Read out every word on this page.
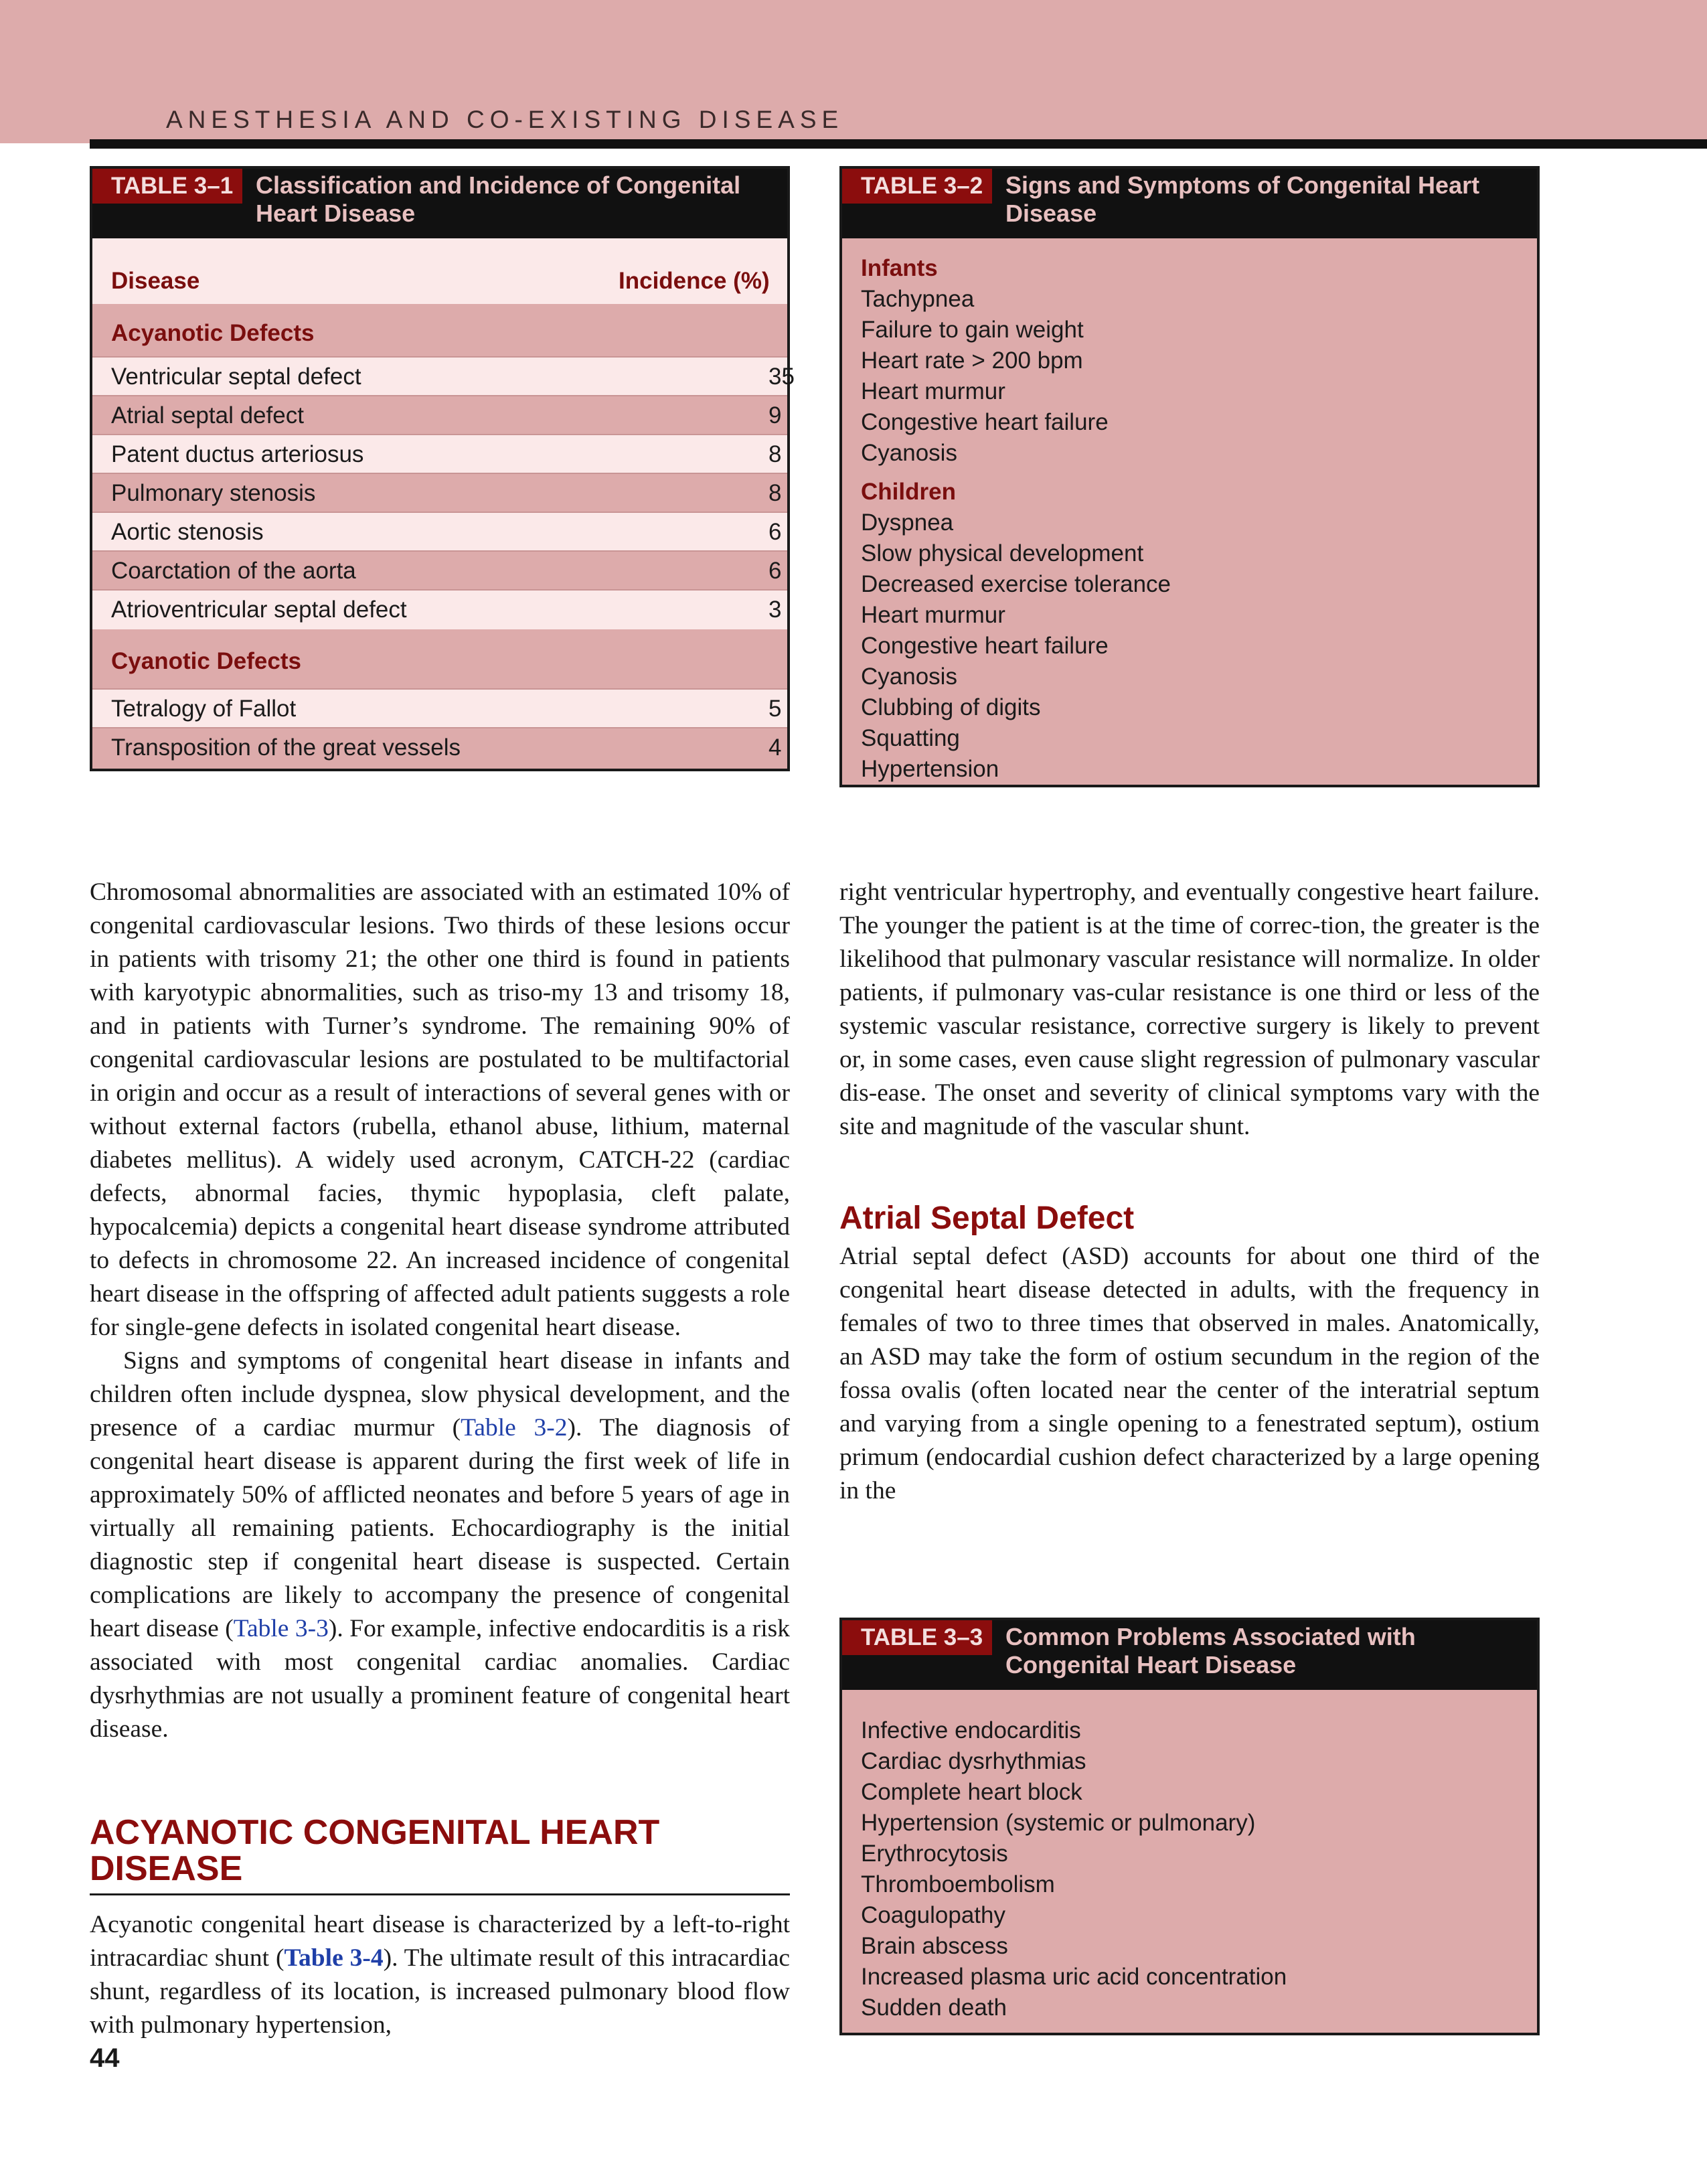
ANESTHESIA AND CO-EXISTING DISEASE
TABLE 3–1 Classification and Incidence of Congenital Heart Disease
Disease	Incidence (%)
Acyanotic Defects
Ventricular septal defect	35
Atrial septal defect	9
Patent ductus arteriosus	8
Pulmonary stenosis	8
Aortic stenosis	6
Coarctation of the aorta	6
Atrioventricular septal defect	3
Cyanotic Defects
Tetralogy of Fallot	5
Transposition of the great vessels	4
TABLE 3–2 Signs and Symptoms of Congenital Heart Disease
Infants
Tachypnea
Failure to gain weight
Heart rate > 200 bpm
Heart murmur
Congestive heart failure
Cyanosis
Children
Dyspnea
Slow physical development
Decreased exercise tolerance
Heart murmur
Congestive heart failure
Cyanosis
Clubbing of digits
Squatting
Hypertension
TABLE 3–3 Common Problems Associated with Congenital Heart Disease
Infective endocarditis
Cardiac dysrhythmias
Complete heart block
Hypertension (systemic or pulmonary)
Erythrocytosis
Thromboembolism
Coagulopathy
Brain abscess
Increased plasma uric acid concentration
Sudden death

Chromosomal abnormalities are associated with an estimated 10% of congenital cardiovascular lesions. Two thirds of these lesions occur in patients with trisomy 21; the other one third is found in patients with karyotypic abnormalities, such as triso-my 13 and trisomy 18, and in patients with Turner’s syndrome. The remaining 90% of congenital cardiovascular lesions are postulated to be multifactorial in origin and occur as a result of interactions of several genes with or without external factors (rubella, ethanol abuse, lithium, maternal diabetes mellitus). A widely used acronym, CATCH-22 (cardiac defects, abnormal facies, thymic hypoplasia, cleft palate, hypocalcemia) depicts a congenital heart disease syndrome attributed to defects in chromosome 22. An increased incidence of congenital heart disease in the offspring of affected adult patients suggests a role for single-gene defects in isolated congenital heart disease.

Signs and symptoms of congenital heart disease in infants and children often include dyspnea, slow physical development, and the presence of a cardiac murmur (Table 3-2). The diagnosis of congenital heart disease is apparent during the first week of life in approximately 50% of afflicted neonates and before 5 years of age in virtually all remaining patients. Echocardiography is the initial diagnostic step if congenital heart disease is suspected. Certain complications are likely to accompany the presence of congenital heart disease (Table 3-3). For example, infective endocarditis is a risk associated with most congenital cardiac anomalies. Cardiac dysrhythmias are not usually a prominent feature of congenital heart disease.

ACYANOTIC CONGENITAL HEART DISEASE

Acyanotic congenital heart disease is characterized by a left-to-right intracardiac shunt (Table 3-4). The ultimate result of this intracardiac shunt, regardless of its location, is increased pulmonary blood flow with pulmonary hypertension,

right ventricular hypertrophy, and eventually congestive heart failure. The younger the patient is at the time of correc-tion, the greater is the likelihood that pulmonary vascular resistance will normalize. In older patients, if pulmonary vas-cular resistance is one third or less of the systemic vascular resistance, corrective surgery is likely to prevent or, in some cases, even cause slight regression of pulmonary vascular dis-ease. The onset and severity of clinical symptoms vary with the site and magnitude of the vascular shunt.

Atrial Septal Defect

Atrial septal defect (ASD) accounts for about one third of the congenital heart disease detected in adults, with the frequency in females of two to three times that observed in males. Anatomically, an ASD may take the form of ostium secundum in the region of the fossa ovalis (often located near the center of the interatrial septum and varying from a single opening to a fenestrated septum), ostium primum (endocardial cushion defect characterized by a large opening in the

44
